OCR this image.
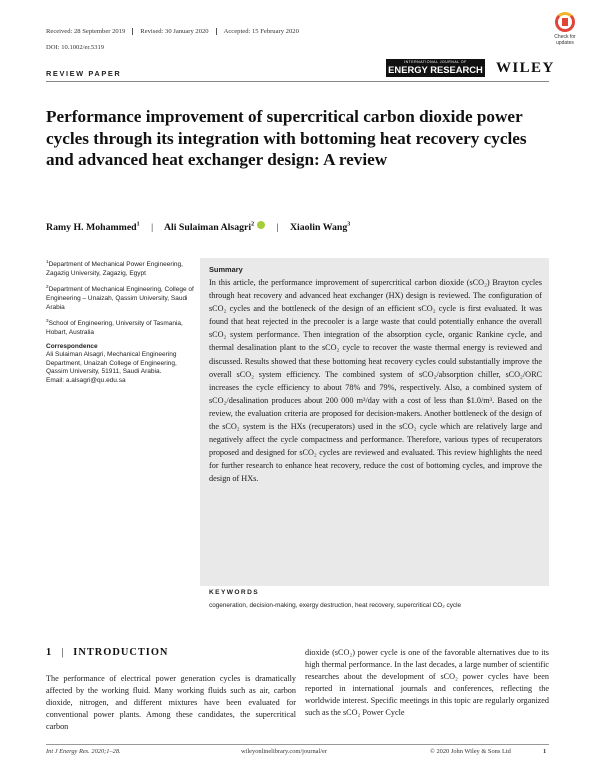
Received: 28 September 2019	Revised: 30 January 2020	Accepted: 15 February 2020
DOI: 10.1002/er.5319
Check for updates
REVIEW PAPER
INTERNATIONAL JOURNAL OF
ENERGY RESEARCH WILEY
Performance improvement of supercritical carbon dioxide power cycles through its integration with bottoming heat recovery cycles and advanced heat exchanger design: A review
Ramy H. Mohammed$^1$ | Ali Sulaiman Alsagri$^2$ | Xiaolin Wang$^3$

$^1$Department of Mechanical Power Engineering, Zagazig University, Zagazig, Egypt

$^2$Department of Mechanical Engineering, College of Engineering – Unaizah, Qassim University, Saudi Arabia

$^3$School of Engineering, University of Tasmania, Hobart, Australia

Correspondence
Ali Sulaiman Alsagri, Mechanical Engineering Department, Unaizah College of Engineering, Qassim University, 51911, Saudi Arabia.
Email: a.alsagri@qu.edu.sa
Summary

In this article, the performance improvement of supercritical carbon dioxide (sCO₂) Brayton cycles through heat recovery and advanced heat exchanger (HX) design is reviewed. The configuration of sCO₂ cycles and the bottleneck of the design of an efficient sCO₂ cycle is first evaluated. It was found that heat rejected in the precooler is a large waste that could potentially enhance the overall sCO₂ system performance. Then integration of the absorption cycle, organic Rankine cycle, and thermal desalination plant to the sCO₂ cycle to recover the waste thermal energy is reviewed and discussed. Results showed that these bottoming heat recovery cycles could substantially improve the overall sCO₂ system efficiency. The combined system of sCO₂/absorption chiller, sCO₂/ORC increases the cycle efficiency to about 78% and 79%, respectively. Also, a combined system of sCO₂/desalination produces about 200 000 m³/day with a cost of less than $1.0/m³. Based on the review, the evaluation criteria are proposed for decision-makers. Another bottleneck of the design of the sCO₂ system is the HXs (recuperators) used in the sCO₂ cycle which are relatively large and negatively affect the cycle compactness and performance. Therefore, various types of recuperators proposed and designed for sCO₂ cycles are reviewed and evaluated. This review highlights the need for further research to enhance heat recovery, reduce the cost of bottoming cycles, and improve the design of HXs.

KEYWORDS
cogeneration, decision-making, exergy destruction, heat recovery, supercritical CO₂ cycle
1 | INTRODUCTION

The performance of electrical power generation cycles is dramatically affected by the working fluid. Many working fluids such as air, carbon dioxide, nitrogen, and different mixtures have been evaluated for conventional power plants. Among these candidates, the supercritical carbon

dioxide (sCO₂) power cycle is one of the favorable alternatives due to its high thermal performance. In the last decades, a large number of scientific researches about the development of sCO₂ power cycles have been reported in international journals and conferences, reflecting the worldwide interest. Specific meetings in this topic are regularly organized such as the sCO₂ Power Cycle

Int J Energy Res. 2020;1–28.	wileyonlinelibrary.com/journal/er	© 2020 John Wiley & Sons Ltd	1
